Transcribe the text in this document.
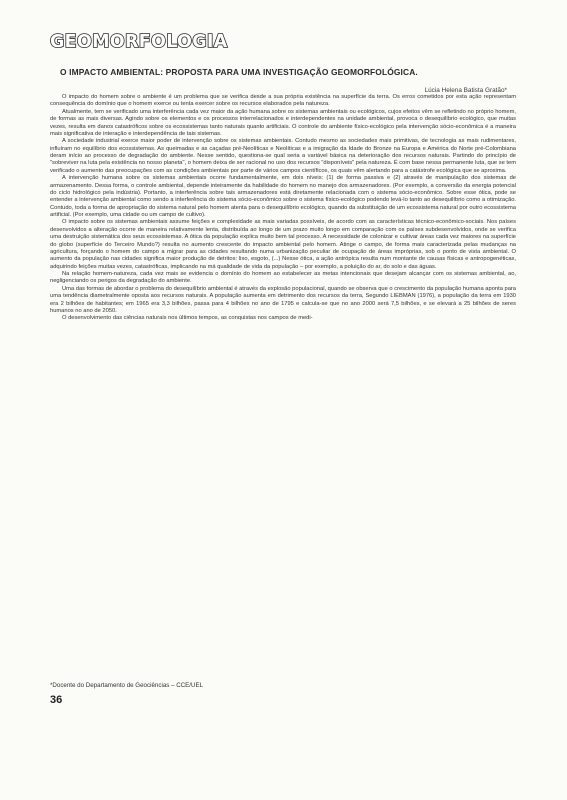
GEOMORFOLOGIA
O IMPACTO AMBIENTAL: PROPOSTA PARA UMA INVESTIGAÇÃO GEOMORFOLÓGICA.
Lúcia Helena Batista Gratão*

O impacto do homem sobre o ambiente é um problema que se verifica desde a sua própria existência na superfície da terra. Os erros cometidos por esta ação representam consequência do domínio que o homem exerce ou tenta exercer sobre os recursos elaborados pela natureza.

Atualmente, tem se verificado uma interferência cada vez maior da ação humana sobre os sistemas ambientais ou ecológicos, cujos efeitos vêm se refletindo no próprio homem, de formas as mais diversas. Agindo sobre os elementos e os processos interrelacionados e interdependentes na unidade ambiental, provoca o desequilíbrio ecológico, que muitas vezes, resulta em danos catastróficos sobre os ecossistemas tanto naturais quanto artificiais. O controle do ambiente físico-ecológico pela intervenção sócio-econômica é a maneira mais significativa de interação e interdependência de tais sistemas.

A sociedade industrial exerce maior poder de intervenção sobre os sistemas ambientais. Contudo mesmo as sociedades mais primitivas, de tecnologia as mais rudimentares, influíram no equilíbrio dos ecossistemas. As queimadas e as caçadas pré-Neolíticas e Neolíticas e a imigração da Idade do Bronze na Europa e América do Norte pré-Colombiana deram início ao processo de degradação do ambiente. Nesse sentido, questiona-se qual seria a variável básica na deterioração dos recursos naturais. Partindo do princípio de "sobreviver na luta pela existência no nosso planeta", o homem deixa de ser racional no uso dos recursos "disponíveis" pela natureza. É com base nessa permanente luta, que se tem verificado o aumento das preocupações com as condições ambientais por parte de vários campos científicos, os quais vêm alertando para a catástrofe ecológica que se aproxima.

A intervenção humana sobre os sistemas ambientais ocorre fundamentalmente, em dois níveis: (1) de forma passiva e (2) através de manipulação dos sistemas de armazenamento. Dessa forma, o controle ambiental, depende inteiramente da habilidade do homem no manejo dos armazenadores. (Por exemplo, a conversão da energia potencial do ciclo hidrológico pela indústria). Portanto, a interferência sobre tais armazenadores está diretamente relacionada com o sistema sócio-econômico. Sobre esse ótica, pode se entender a intervenção ambiental como sendo a interferência do sistema sócio-econômico sobre o sistema físico-ecológico podendo levá-lo tanto ao desequilíbrio como a otimização. Contudo, toda a forma de apropriação do sistema natural pelo homem atenta para o desequilíbrio ecológico, quando da substituição de um ecossistema natural por outro ecossistema artificial. (Por exemplo, uma cidade ou um campo de cultivo).

O impacto sobre os sistemas ambientais assume feições e complexidade as mais variadas possíveis, de acordo com as características técnico-econômico-sociais. Nos países desenvolvidos a alteração ocorre de maneira relativamente lenta, distribuída ao longo de um prazo muito longo em comparação com os países subdesenvolvidos, onde se verifica uma destruição sistemática dos seus ecossistemas. A ótica da população explica muito bem tal processo. A necessidade de colonizar e cultivar áreas cada vez maiores na superfície do globo (superfície do Terceiro Mundo?) resulta no aumento crescente do impacto ambiental pelo homem. Atinge o campo, de forma mais caracterizada pelas mudanças na agricultura, forçando o homem do campo a migrar para as cidades resultando numa urbanização peculiar de ocupação de áreas impróprias, sob o ponto de vista ambiental. O aumento da população nas cidades significa maior produção de detritos: lixo, esgoto, (...) Nesse ótica, a ação antrópica resulta num montante de causas físicas e antropogenéticas, adquirindo feições muitas vezes, catastróficas, implicando na má qualidade de vida da população – por exemplo, a poluição do ar, do solo e das águas.

Na relação homem-natureza, cada vez mais se evidencia o domínio do homem ao estabelecer as metas intencionais que desejam alcançar com os sistemas ambiental, ao, negligenciando os perigos da degradação do ambiente.

Uma das formas de abordar o problema do desequilíbrio ambiental é através da explosão populacional, quando se observa que o crescimento da população humana aponta para uma tendência diametralmente oposta aos recursos naturais. A população aumenta em detrimento dos recursos da terra, Segundo LIEBMAN (1976), a população da terra em 1930 era 2 bilhões de habitantes; em 1965 era 3,3 bilhões, passa para 4 bilhões no ano de 1795 e calcula-se que no ano 2000 será 7,5 bilhões, e se elevará a 25 bilhões de seres humanos no ano de 2050.

O desenvolvimento das ciências naturais nos últimos tempos, as conquistas nos campos de medi-

*Docente do Departamento de Geociências – CCE/UEL
36
